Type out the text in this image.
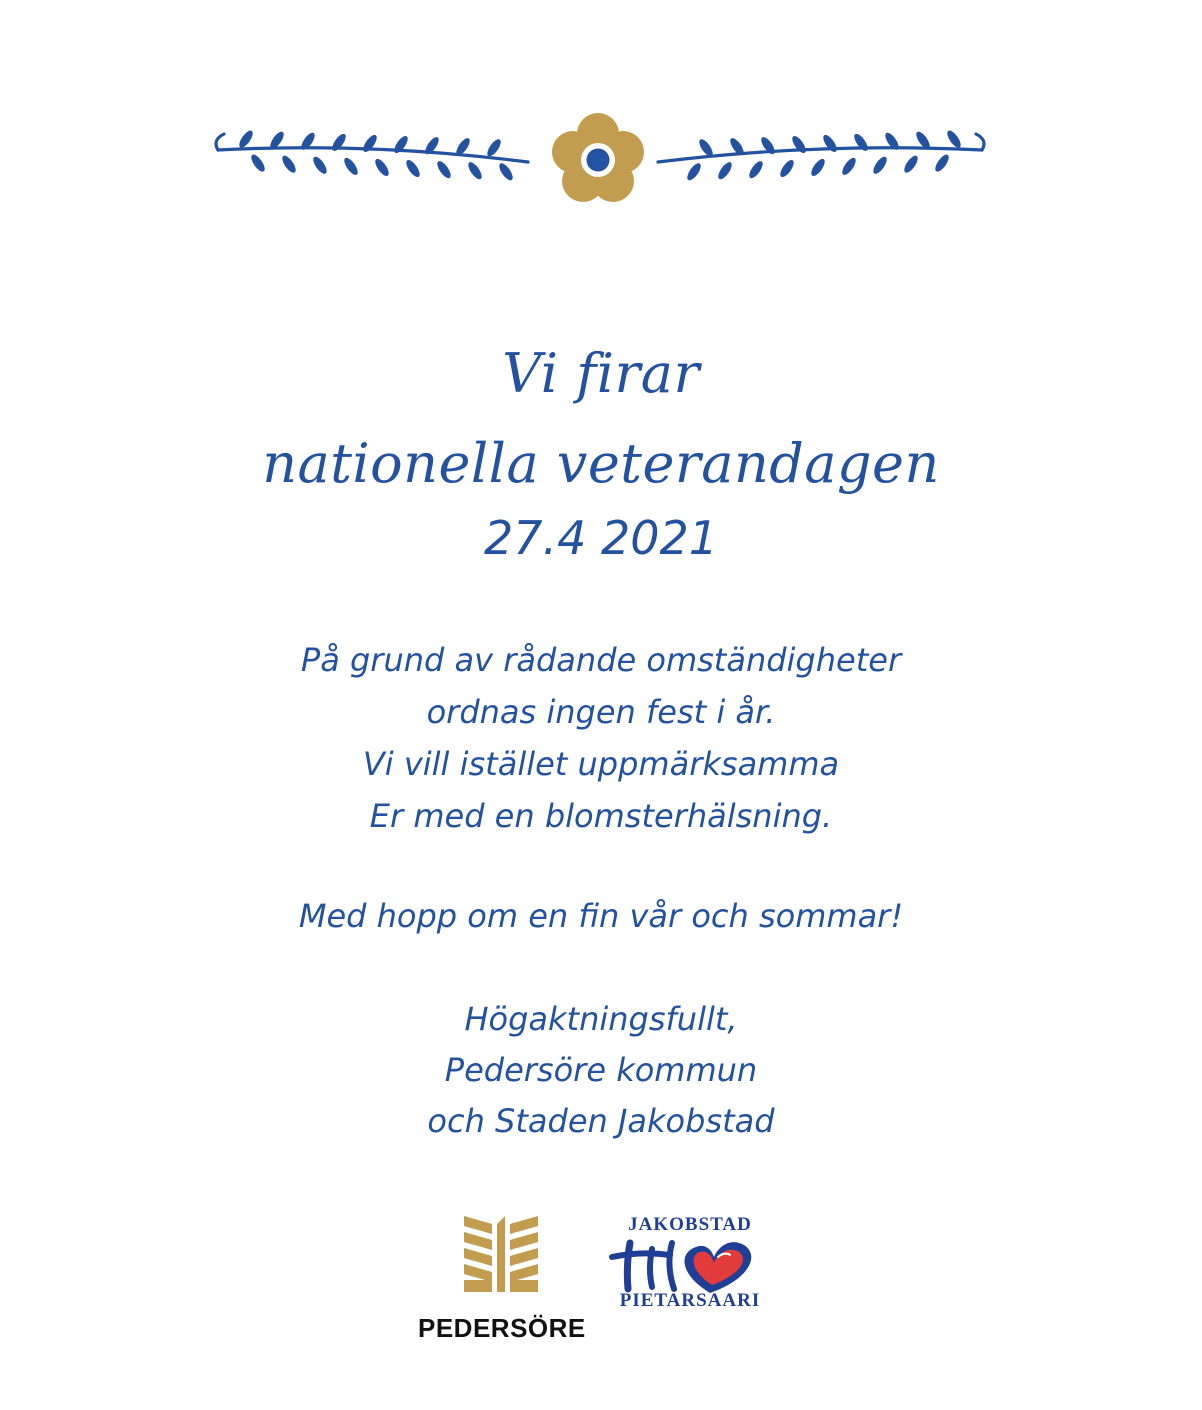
Vi firar
nationella veterandagen
27.4 2021
På grund av rådande omständigheter
ordnas ingen fest i år.
Vi vill istället uppmärksamma
Er med en blomsterhälsning.
Med hopp om en fin vår och sommar!
Högaktningsfullt,
Pedersöre kommun
och Staden Jakobstad
PEDERSÖRE
JAKOBSTAD
PIETARSAARI
